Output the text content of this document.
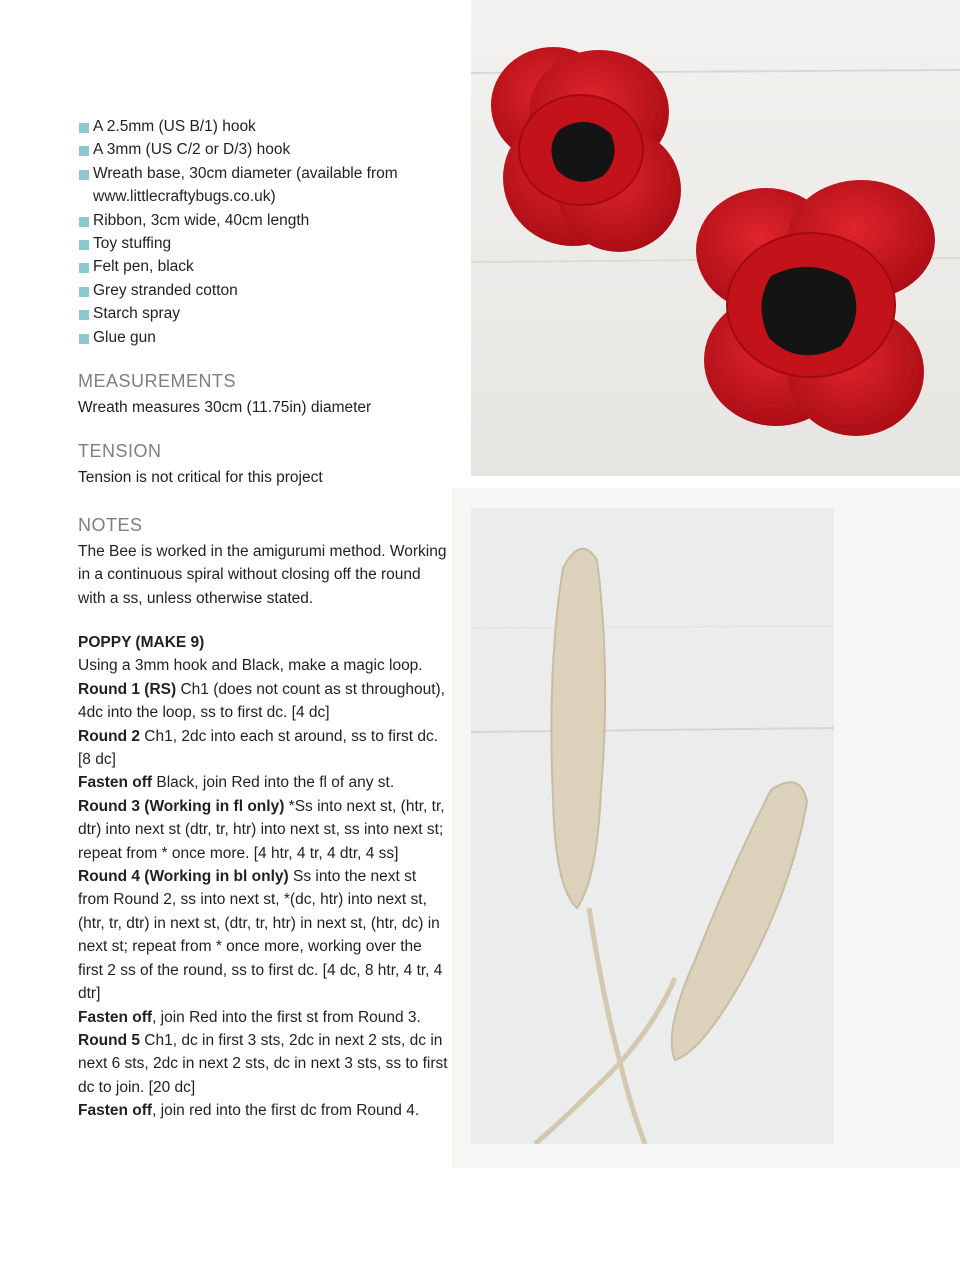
A 2.5mm (US B/1) hook
A 3mm (US C/2 or D/3) hook
Wreath base, 30cm diameter (available from www.littlecraftybugs.co.uk)
Ribbon, 3cm wide, 40cm length
Toy stuffing
Felt pen, black
Grey stranded cotton
Starch spray
Glue gun
MEASUREMENTS

Wreath measures 30cm (11.75in) diameter

TENSION

Tension is not critical for this project

NOTES

The Bee is worked in the amigurumi method. Working in a continuous spiral without closing off the round with a ss, unless otherwise stated.

POPPY (MAKE 9)

Using a 3mm hook and Black, make a magic loop.

Round 1 (RS) Ch1 (does not count as st throughout), 4dc into the loop, ss to first dc. [4 dc]

Round 2 Ch1, 2dc into each st around, ss to first dc. [8 dc]

Fasten off Black, join Red into the fl of any st.

Round 3 (Working in fl only) *Ss into next st, (htr, tr, dtr) into next st (dtr, tr, htr) into next st, ss into next st; repeat from * once more. [4 htr, 4 tr, 4 dtr, 4 ss]

Round 4 (Working in bl only) Ss into the next st from Round 2, ss into next st, *(dc, htr) into next st, (htr, tr, dtr) in next st, (dtr, tr, htr) in next st, (htr, dc) in next st; repeat from * once more, working over the first 2 ss of the round, ss to first dc. [4 dc, 8 htr, 4 tr, 4 dtr]

Fasten off, join Red into the first st from Round 3.

Round 5 Ch1, dc in first 3 sts, 2dc in next 2 sts, dc in next 6 sts, 2dc in next 2 sts, dc in next 3 sts, ss to first dc to join. [20 dc]

Fasten off, join red into the first dc from Round 4.
